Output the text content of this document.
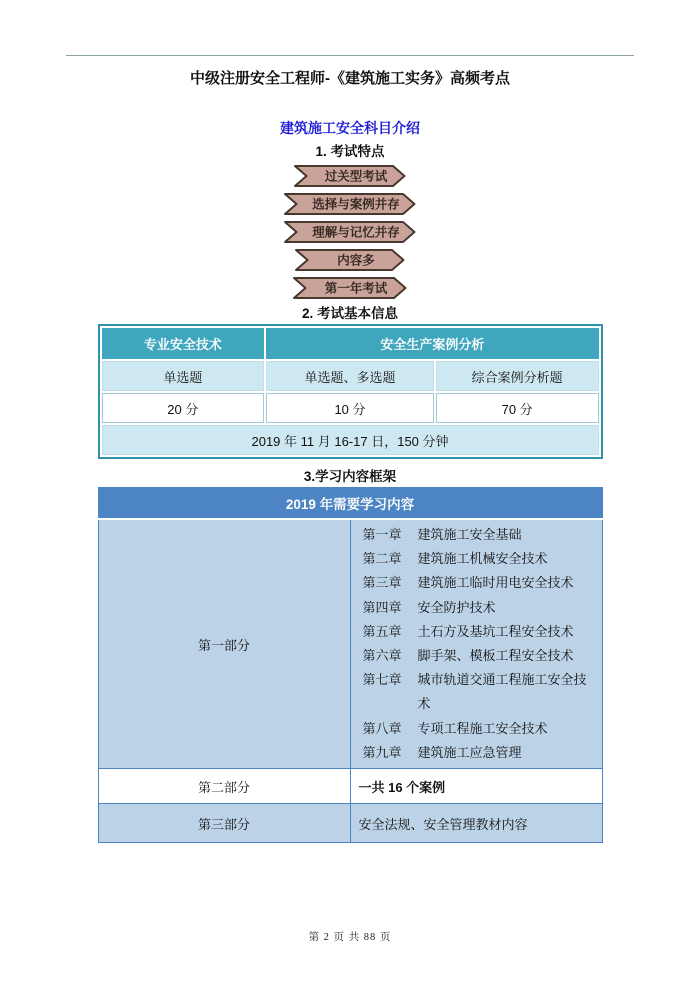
中级注册安全工程师-《建筑施工实务》高频考点
建筑施工安全科目介绍
1. 考试特点
过关型考试
选择与案例并存
理解与记忆并存
内容多
第一年考试
2. 考试基本信息
专业安全技术	安全生产案例分析	
单选题	单选题、多选题	综合案例分析题
20 分	10 分	70 分
2019 年 11 月 16-17 日，150 分钟		
3.学习内容框架
2019 年需要学习内容	
第一部分	
第一章 建筑施工安全基础
第二章 建筑施工机械安全技术
第三章 建筑施工临时用电安全技术
第四章 安全防护技术
第五章 土石方及基坑工程安全技术
第六章 脚手架、模板工程安全技术
第七章 城市轨道交通工程施工安全技术
第八章 专项工程施工安全技术
第九章 建筑施工应急管理

第二部分	一共 16 个案例
第三部分	安全法规、安全管理教材内容
第 2 页 共 88 页
